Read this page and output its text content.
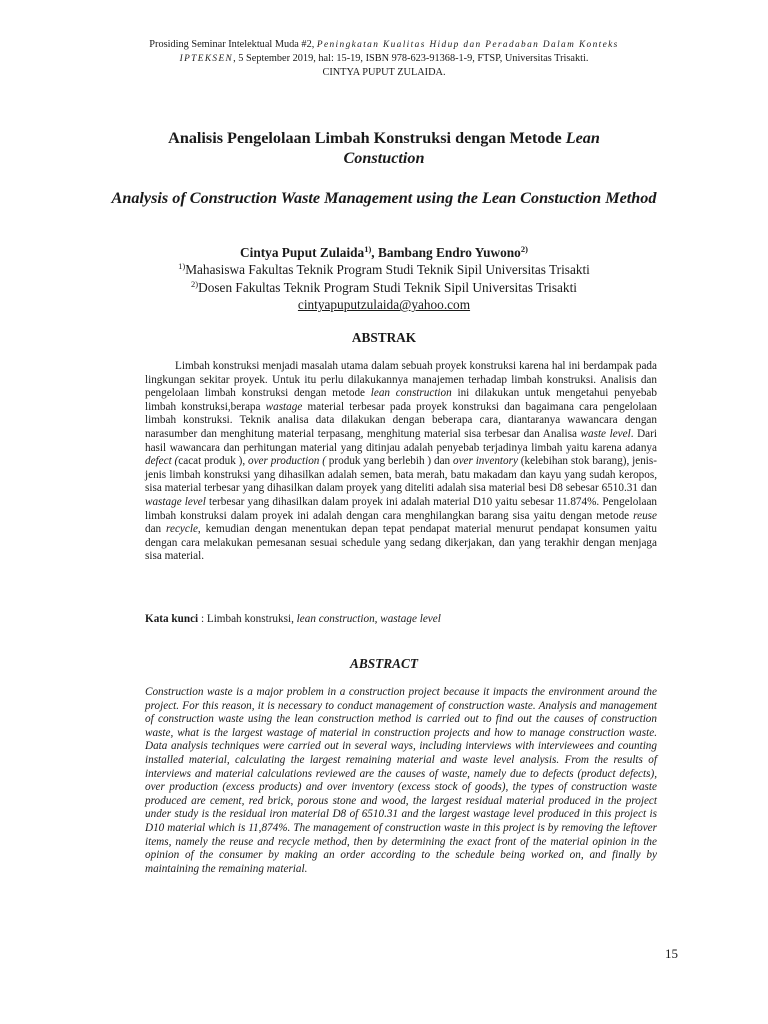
Prosiding Seminar Intelektual Muda #2, Peningkatan Kualitas Hidup dan Peradaban Dalam Konteks
IPTEKSEN, 5 September 2019, hal: 15-19, ISBN 978-623-91368-1-9, FTSP, Universitas Trisakti.
CINTYA PUPUT ZULAIDA.
Analisis Pengelolaan Limbah Konstruksi dengan Metode Lean Constuction
Analysis of Construction Waste Management using the Lean Constuction Method
Cintya Puput Zulaida$^{1)}$, Bambang Endro Yuwono$^{2)}$
$^{1)}$Mahasiswa Fakultas Teknik Program Studi Teknik Sipil Universitas Trisakti
$^{2)}$Dosen Fakultas Teknik Program Studi Teknik Sipil Universitas Trisakti
cintyapuputzulaida@yahoo.com
ABSTRAK
Limbah konstruksi menjadi masalah utama dalam sebuah proyek konstruksi karena hal ini berdampak pada lingkungan sekitar proyek. Untuk itu perlu dilakukannya manajemen terhadap limbah konstruksi. Analisis dan pengelolaan limbah konstruksi dengan metode lean construction ini dilakukan untuk mengetahui penyebab limbah konstruksi,berapa wastage material terbesar pada proyek konstruksi dan bagaimana cara pengelolaan limbah konstruksi. Teknik analisa data dilakukan dengan beberapa cara, diantaranya wawancara dengan narasumber dan menghitung material terpasang, menghitung material sisa terbesar dan Analisa waste level. Dari hasil wawancara dan perhitungan material yang ditinjau adalah penyebab terjadinya limbah yaitu karena adanya defect (cacat produk ), over production ( produk yang berlebih ) dan over inventory (kelebihan stok barang), jenis-jenis limbah konstruksi yang dihasilkan adalah semen, bata merah, batu makadam dan kayu yang sudah keropos, sisa material terbesar yang dihasilkan dalam proyek yang diteliti adalah sisa material besi D8 sebesar 6510.31 dan wastage level terbesar yang dihasilkan dalam proyek ini adalah material D10 yaitu sebesar 11.874%. Pengelolaan limbah konstruksi dalam proyek ini adalah dengan cara menghilangkan barang sisa yaitu dengan metode reuse dan recycle, kemudian dengan menentukan depan tepat pendapat material menurut pendapat konsumen yaitu dengan cara melakukan pemesanan sesuai schedule yang sedang dikerjakan, dan yang terakhir dengan menjaga sisa material.
Kata kunci : Limbah konstruksi, lean construction, wastage level
ABSTRACT
Construction waste is a major problem in a construction project because it impacts the environment around the project. For this reason, it is necessary to conduct management of construction waste. Analysis and management of construction waste using the lean construction method is carried out to find out the causes of construction waste, what is the largest wastage of material in construction projects and how to manage construction waste. Data analysis techniques were carried out in several ways, including interviews with interviewees and counting installed material, calculating the largest remaining material and waste level analysis. From the results of interviews and material calculations reviewed are the causes of waste, namely due to defects (product defects), over production (excess products) and over inventory (excess stock of goods), the types of construction waste produced are cement, red brick, porous stone and wood, the largest residual material produced in the project under study is the residual iron material D8 of 6510.31 and the largest wastage level produced in this project is D10 material which is 11,874%. The management of construction waste in this project is by removing the leftover items, namely the reuse and recycle method, then by determining the exact front of the material opinion in the opinion of the consumer by making an order according to the schedule being worked on, and finally by maintaining the remaining material.
15
